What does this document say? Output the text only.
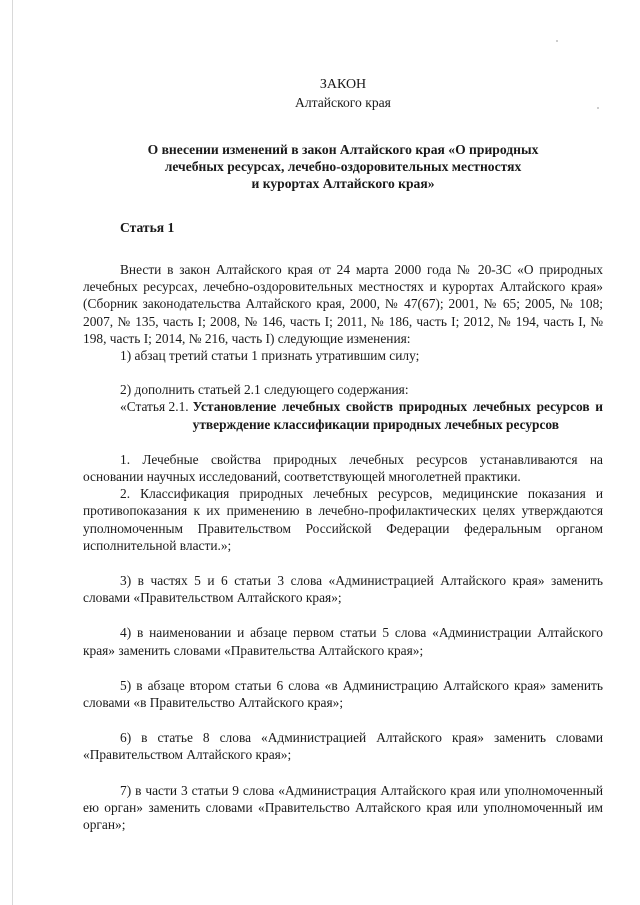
ЗАКОН
Алтайского края
О внесении изменений в закон Алтайского края «О природных
лечебных ресурсах, лечебно-оздоровительных местностях
и курортах Алтайского края»
Статья 1

Внести в закон Алтайского края от 24 марта 2000 года № 20-ЗС «О природных лечебных ресурсах, лечебно-оздоровительных местностях и курортах Алтайского края» (Сборник законодательства Алтайского края, 2000, № 47(67); 2001, № 65; 2005, № 108; 2007, № 135, часть I; 2008, № 146, часть I; 2011, № 186, часть I; 2012, № 194, часть I, № 198, часть I; 2014, № 216, часть I) следующие изменения:

1) абзац третий статьи 1 признать утратившим силу;

2) дополнить статьей 2.1 следующего содержания:

«Статья 2.1. Установление лечебных свойств природных лечебных ресурсов и утверждение классификации природных лечебных ресурсов

1. Лечебные свойства природных лечебных ресурсов устанавливаются на основании научных исследований, соответствующей многолетней практики.

2. Классификация природных лечебных ресурсов, медицинские показания и противопоказания к их применению в лечебно-профилактических целях утверждаются уполномоченным Правительством Российской Федерации федеральным органом исполнительной власти.»;

3) в частях 5 и 6 статьи 3 слова «Администрацией Алтайского края» заменить словами «Правительством Алтайского края»;

4) в наименовании и абзаце первом статьи 5 слова «Администрации Алтайского края» заменить словами «Правительства Алтайского края»;

5) в абзаце втором статьи 6 слова «в Администрацию Алтайского края» заменить словами «в Правительство Алтайского края»;

6) в статье 8 слова «Администрацией Алтайского края» заменить словами «Правительством Алтайского края»;

7) в части 3 статьи 9 слова «Администрация Алтайского края или уполномоченный ею орган» заменить словами «Правительство Алтайского края или уполномоченный им орган»;
